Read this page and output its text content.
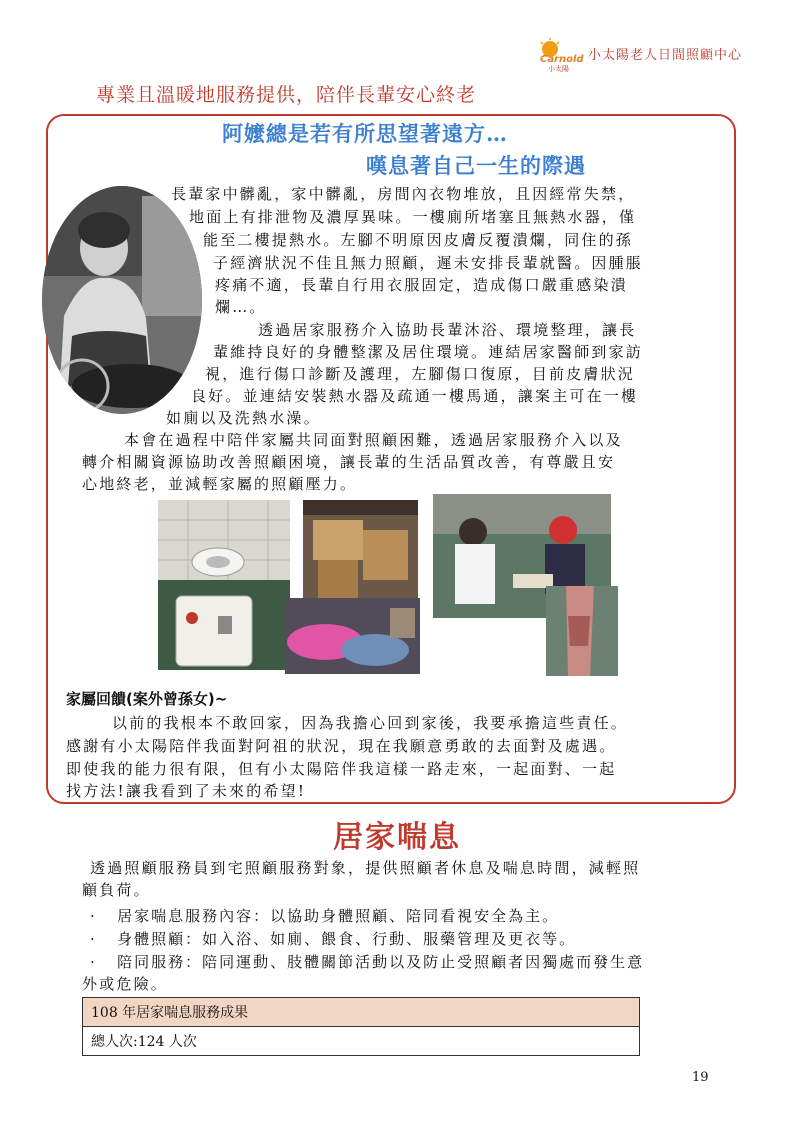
Carnold
小太陽
小太陽老人日間照顧中心
專業且溫暖地服務提供，陪伴長輩安心終老
阿嬤總是若有所思望著遠方…
嘆息著自己一生的際遇
長輩家中髒亂，家中髒亂，房間內衣物堆放，且因經常失禁，
地面上有排泄物及濃厚異味。一樓廁所堵塞且無熱水器，僅
能至二樓提熱水。左腳不明原因皮膚反覆潰爛，同住的孫
子經濟狀況不佳且無力照顧，遲未安排長輩就醫。因腫脹
疼痛不適，長輩自行用衣服固定，造成傷口嚴重感染潰
爛…。
透過居家服務介入協助長輩沐浴、環境整理，讓長
輩維持良好的身體整潔及居住環境。連結居家醫師到家訪
視，進行傷口診斷及護理，左腳傷口復原，目前皮膚狀況
良好。並連結安裝熱水器及疏通一樓馬通，讓案主可在一樓
如廁以及洗熱水澡。
本會在過程中陪伴家屬共同面對照顧困難，透過居家服務介入以及
轉介相關資源協助改善照顧困境，讓長輩的生活品質改善，有尊嚴且安
心地終老，並減輕家屬的照顧壓力。
家屬回饋(案外曾孫女)~
以前的我根本不敢回家，因為我擔心回到家後，我要承擔這些責任。
感謝有小太陽陪伴我面對阿祖的狀況，現在我願意勇敢的去面對及處遇。
即使我的能力很有限，但有小太陽陪伴我這樣一路走來，一起面對、一起
找方法!讓我看到了未來的希望!
居家喘息
透過照顧服務員到宅照顧服務對象，提供照顧者休息及喘息時間，減輕照
顧負荷。
· 居家喘息服務內容：以協助身體照顧、陪同看視安全為主。
· 身體照顧：如入浴、如廁、餵食、行動、服藥管理及更衣等。
· 陪同服務：陪同運動、肢體關節活動以及防止受照顧者因獨處而發生意
外或危險。
108 年居家喘息服務成果
總人次:124 人次
19
